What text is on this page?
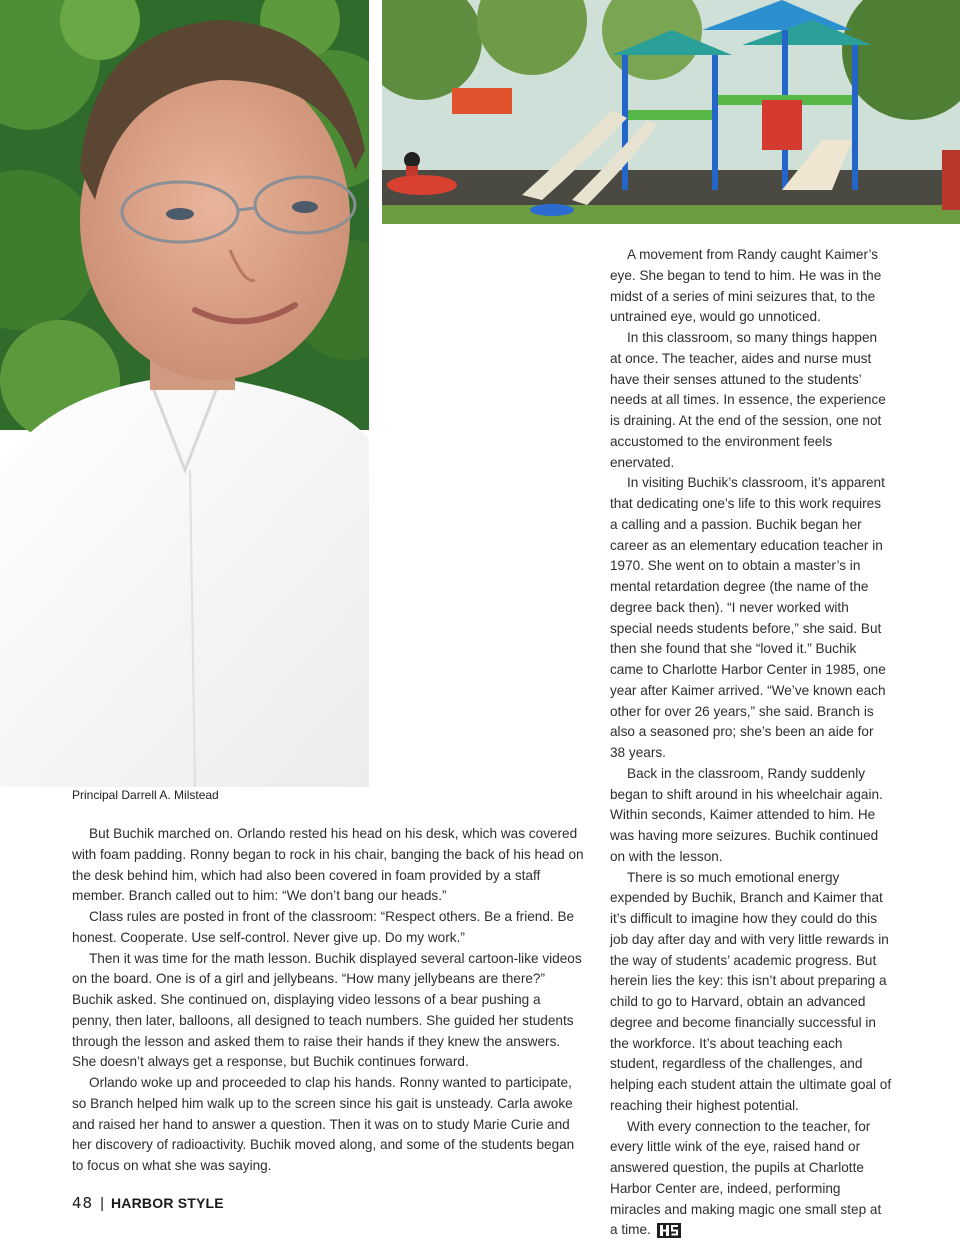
Principal Darrell A. Milstead

But Buchik marched on. Orlando rested his head on his desk, which was covered with foam padding. Ronny began to rock in his chair, banging the back of his head on the desk behind him, which had also been covered in foam provided by a staff member. Branch called out to him: “We don’t bang our heads.”

Class rules are posted in front of the classroom: “Respect others. Be a friend. Be honest. Cooperate. Use self-control. Never give up. Do my work.”

Then it was time for the math lesson. Buchik displayed several cartoon-like videos on the board. One is of a girl and jellybeans. “How many jellybeans are there?” Buchik asked. She continued on, displaying video lessons of a bear pushing a penny, then later, balloons, all designed to teach numbers. She guided her students through the lesson and asked them to raise their hands if they knew the answers. She doesn’t always get a response, but Buchik continues forward.

Orlando woke up and proceeded to clap his hands. Ronny wanted to participate, so Branch helped him walk up to the screen since his gait is unsteady. Carla awoke and raised her hand to answer a question. Then it was on to study Marie Curie and her discovery of radioactivity. Buchik moved along, and some of the students began to focus on what she was saying.

A movement from Randy caught Kaimer’s eye. She began to tend to him. He was in the midst of a series of mini seizures that, to the untrained eye, would go unnoticed.

In this classroom, so many things happen at once. The teacher, aides and nurse must have their senses attuned to the students’ needs at all times. In essence, the experience is draining. At the end of the session, one not accustomed to the environment feels enervated.

In visiting Buchik’s classroom, it’s apparent that dedicating one’s life to this work requires a calling and a passion. Buchik began her career as an elementary education teacher in 1970. She went on to obtain a master’s in mental retardation degree (the name of the degree back then). “I never worked with special needs students before,” she said. But then she found that she “loved it.” Buchik came to Charlotte Harbor Center in 1985, one year after Kaimer arrived. “We’ve known each other for over 26 years,” she said. Branch is also a seasoned pro; she’s been an aide for 38 years.

Back in the classroom, Randy suddenly began to shift around in his wheelchair again. Within seconds, Kaimer attended to him. He was having more seizures. Buchik continued on with the lesson.

There is so much emotional energy expended by Buchik, Branch and Kaimer that it’s difficult to imagine how they could do this job day after day and with very little rewards in the way of students’ academic progress. But herein lies the key: this isn’t about preparing a child to go to Harvard, obtain an advanced degree and become financially successful in the workforce. It’s about teaching each student, regardless of the challenges, and helping each student attain the ultimate goal of reaching their highest potential.

With every connection to the teacher, for every little wink of the eye, raised hand or answered question, the pupils at Charlotte Harbor Center are, indeed, performing miracles and making magic one small step at a time.

48 | HARBOR STYLE
